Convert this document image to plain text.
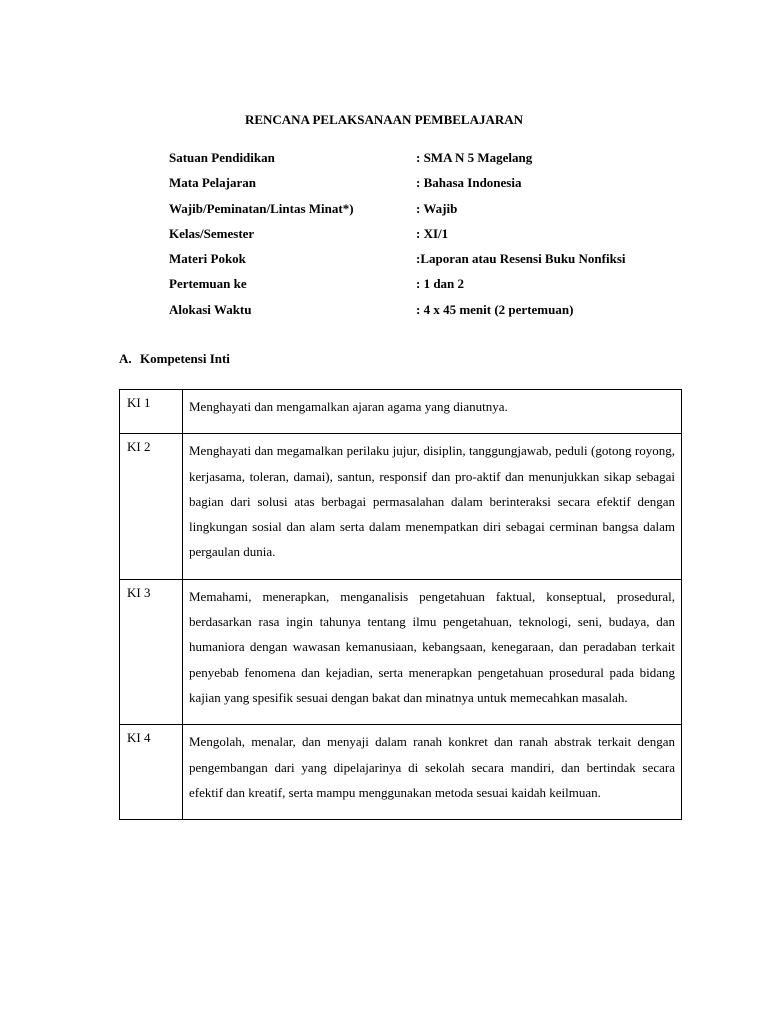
RENCANA PELAKSANAAN PEMBELAJARAN
Satuan Pendidikan	: SMA N 5 Magelang
Mata Pelajaran	: Bahasa Indonesia
Wajib/Peminatan/Lintas Minat*)	: Wajib
Kelas/Semester	: XI/1
Materi Pokok	:Laporan atau Resensi Buku Nonfiksi
Pertemuan ke	: 1 dan 2
Alokasi Waktu	: 4 x 45 menit (2 pertemuan)
A. Kompetensi Inti
KI 1	Menghayati dan mengamalkan ajaran agama yang dianutnya.
KI 2	Menghayati dan megamalkan perilaku jujur, disiplin, tanggungjawab, peduli (gotong royong, kerjasama, toleran, damai), santun, responsif dan pro-aktif dan menunjukkan sikap sebagai bagian dari solusi atas berbagai permasalahan dalam berinteraksi secara efektif dengan lingkungan sosial dan alam serta dalam menempatkan diri sebagai cerminan bangsa dalam pergaulan dunia.
KI 3	Memahami, menerapkan, menganalisis pengetahuan faktual, konseptual, prosedural, berdasarkan rasa ingin tahunya tentang ilmu pengetahuan, teknologi, seni, budaya, dan humaniora dengan wawasan kemanusiaan, kebangsaan, kenegaraan, dan peradaban terkait penyebab fenomena dan kejadian, serta menerapkan pengetahuan prosedural pada bidang kajian yang spesifik sesuai dengan bakat dan minatnya untuk memecahkan masalah.
KI 4	Mengolah, menalar, dan menyaji dalam ranah konkret dan ranah abstrak terkait dengan pengembangan dari yang dipelajarinya di sekolah secara mandiri, dan bertindak secara efektif dan kreatif, serta mampu menggunakan metoda sesuai kaidah keilmuan.
